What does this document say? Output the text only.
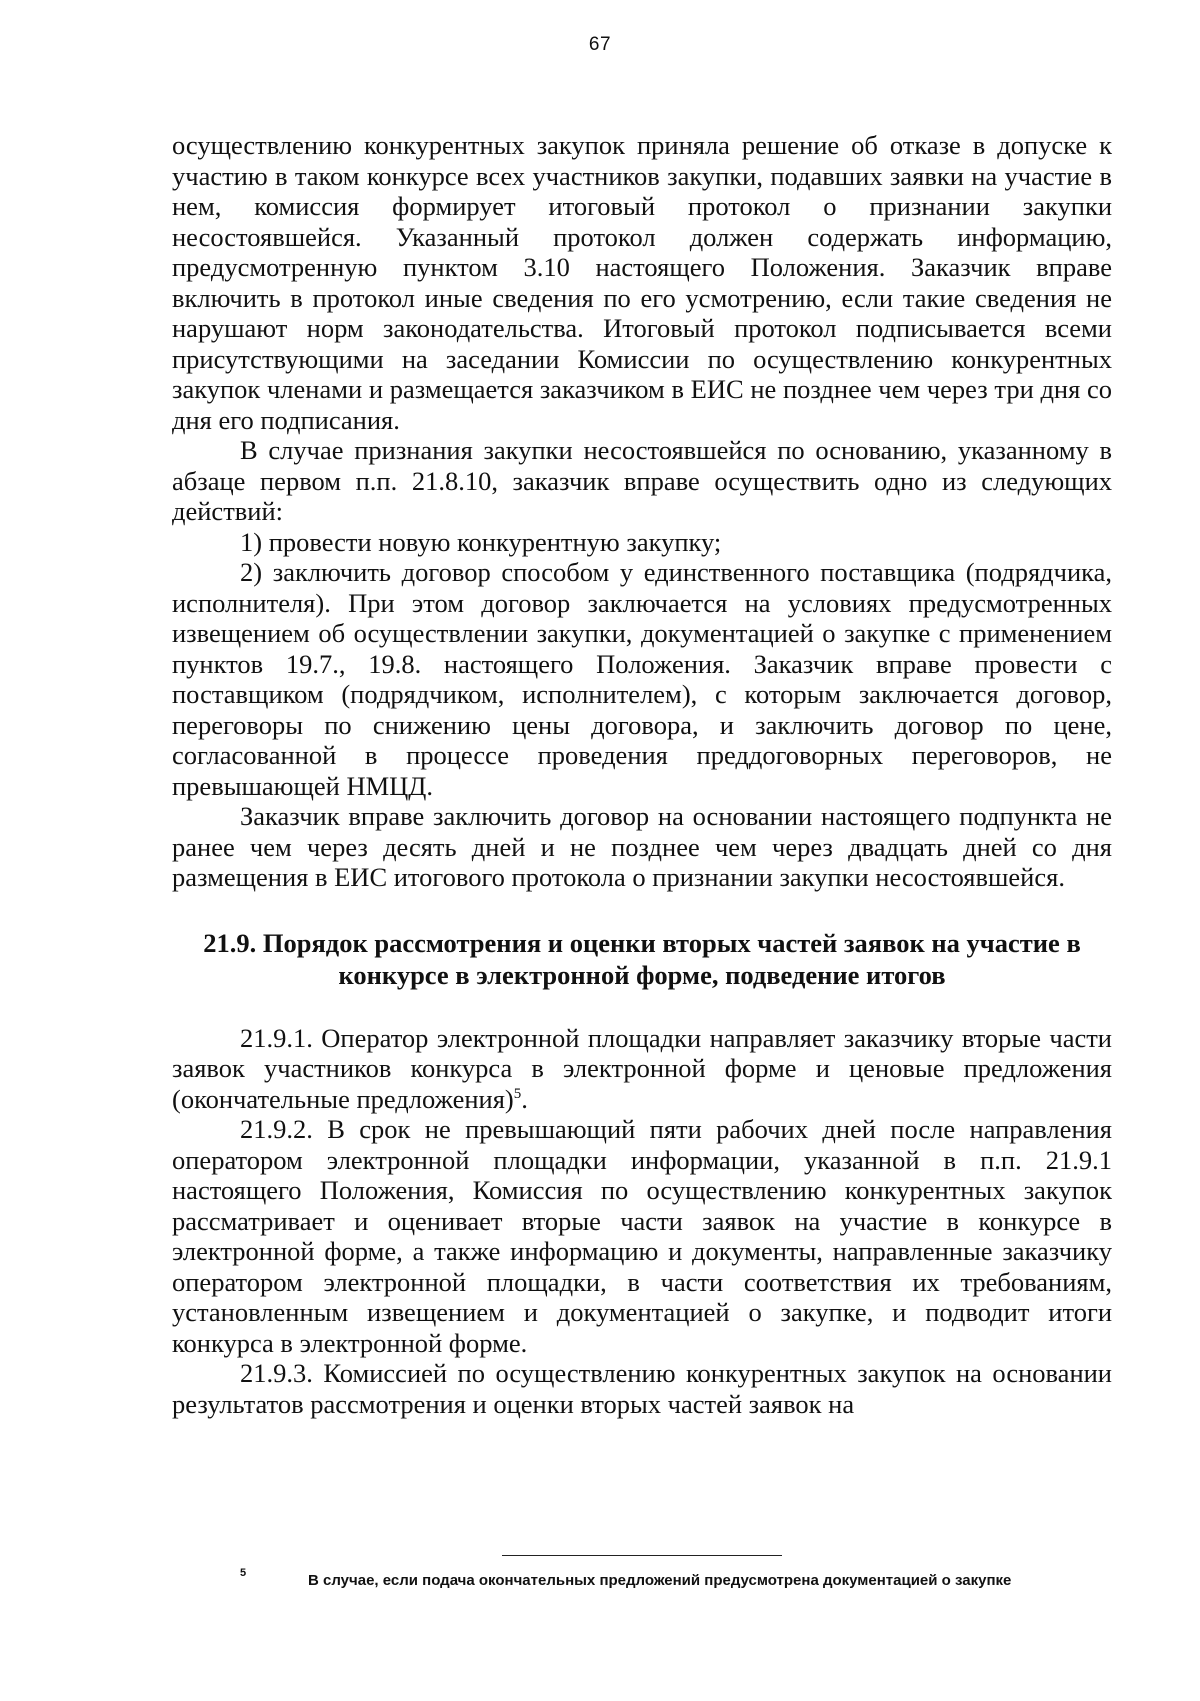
67

осуществлению конкурентных закупок приняла решение об отказе в допуске к участию в таком конкурсе всех участников закупки, подавших заявки на участие в нем, комиссия формирует итоговый протокол о признании закупки несостоявшейся. Указанный протокол должен содержать информацию, предусмотренную пунктом 3.10 настоящего Положения. Заказчик вправе включить в протокол иные сведения по его усмотрению, если такие сведения не нарушают норм законодательства. Итоговый протокол подписывается всеми присутствующими на заседании Комиссии по осуществлению конкурентных закупок членами и размещается заказчиком в ЕИС не позднее чем через три дня со дня его подписания.

В случае признания закупки несостоявшейся по основанию, указанному в абзаце первом п.п. 21.8.10, заказчик вправе осуществить одно из следующих действий:

1) провести новую конкурентную закупку;

2) заключить договор способом у единственного поставщика (подрядчика, исполнителя). При этом договор заключается на условиях предусмотренных извещением об осуществлении закупки, документацией о закупке с применением пунктов 19.7., 19.8. настоящего Положения. Заказчик вправе провести с поставщиком (подрядчиком, исполнителем), с которым заключается договор, переговоры по снижению цены договора, и заключить договор по цене, согласованной в процессе проведения преддоговорных переговоров, не превышающей НМЦД.

Заказчик вправе заключить договор на основании настоящего подпункта не ранее чем через десять дней и не позднее чем через двадцать дней со дня размещения в ЕИС итогового протокола о признании закупки несостоявшейся.

21.9. Порядок рассмотрения и оценки вторых частей заявок на участие в
конкурсе в электронной форме, подведение итогов

21.9.1. Оператор электронной площадки направляет заказчику вторые части заявок участников конкурса в электронной форме и ценовые предложения (окончательные предложения)$^5$.

21.9.2. В срок не превышающий пяти рабочих дней после направления оператором электронной площадки информации, указанной в п.п. 21.9.1 настоящего Положения, Комиссия по осуществлению конкурентных закупок рассматривает и оценивает вторые части заявок на участие в конкурсе в электронной форме, а также информацию и документы, направленные заказчику оператором электронной площадки, в части соответствия их требованиям, установленным извещением и документацией о закупке, и подводит итоги конкурса в электронной форме.

21.9.3. Комиссией по осуществлению конкурентных закупок на основании результатов рассмотрения и оценки вторых частей заявок на

5	В случае, если подача окончательных предложений предусмотрена документацией о закупке
